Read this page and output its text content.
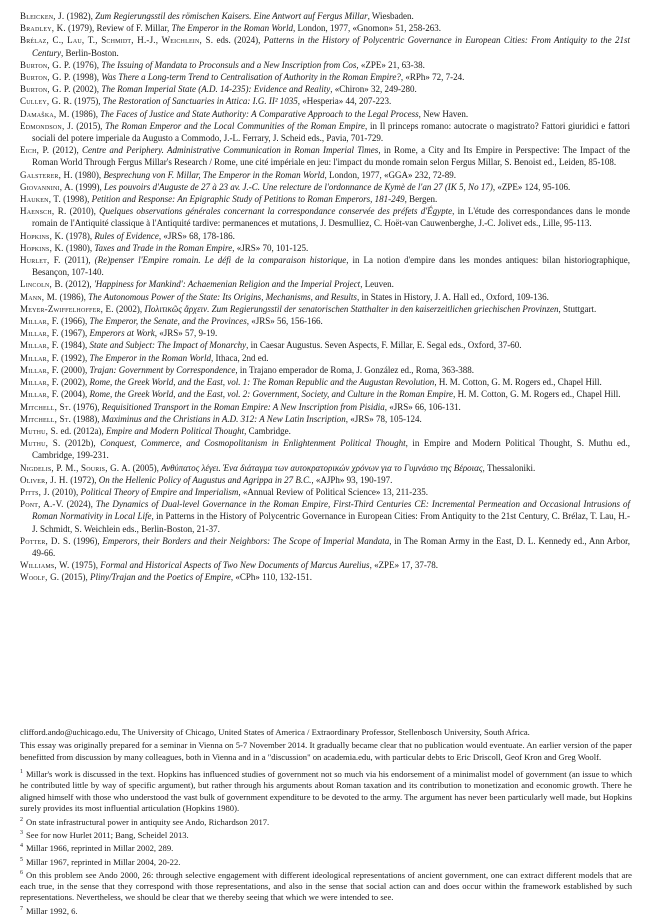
Bleicken, J. (1982), Zum Regierungsstil des römischen Kaisers. Eine Antwort auf Fergus Millar, Wiesbaden.
Bradley, K. (1979), Review of F. Millar, The Emperor in the Roman World, London, 1977, «Gnomon» 51, 258-263.
Brélaz, C., Lau, T., Schmidt, H.-J., Weichlein, S. eds. (2024), Patterns in the History of Polycentric Governance in European Cities: From Antiquity to the 21st Century, Berlin-Boston.
Burton, G. P. (1976), The Issuing of Mandata to Proconsuls and a New Inscription from Cos, «ZPE» 21, 63-38.
Burton, G. P. (1998), Was There a Long-term Trend to Centralisation of Authority in the Roman Empire?, «RPh» 72, 7-24.
Burton, G. P. (2002), The Roman Imperial State (A.D. 14-235): Evidence and Reality, «Chiron» 32, 249-280.
Culley, G. R. (1975), The Restoration of Sanctuaries in Attica: I.G. II² 1035, «Hesperia» 44, 207-223.
Damaška, M. (1986), The Faces of Justice and State Authority: A Comparative Approach to the Legal Process, New Haven.
Edmondson, J. (2015), The Roman Emperor and the Local Communities of the Roman Empire, in Il princeps romano: autocrate o magistrato? Fattori giuridici e fattori sociali del potere imperiale da Augusto a Commodo, J.-L. Ferrary, J. Scheid eds., Pavia, 701-729.
Eich, P. (2012), Centre and Periphery. Administrative Communication in Roman Imperial Times, in Rome, a City and Its Empire in Perspective: The Impact of the Roman World Through Fergus Millar's Research / Rome, une cité impériale en jeu: l'impact du monde romain selon Fergus Millar, S. Benoist ed., Leiden, 85-108.
Galsterer, H. (1980), Besprechung von F. Millar, The Emperor in the Roman World, London, 1977, «GGA» 232, 72-89.
Giovannini, A. (1999), Les pouvoirs d'Auguste de 27 à 23 av. J.-C. Une relecture de l'ordonnance de Kymè de l'an 27 (IK 5, No 17), «ZPE» 124, 95-106.
Hauken, T. (1998), Petition and Response: An Epigraphic Study of Petitions to Roman Emperors, 181-249, Bergen.
Haensch, R. (2010), Quelques observations générales concernant la correspondance conservée des préfets d'Égypte, in L'étude des correspondances dans le monde romain de l'Antiquité classique à l'Antiquité tardive: permanences et mutations, J. Desmulliez, C. Hoët-van Cauwenberghe, J.-C. Jolivet eds., Lille, 95-113.
Hopkins, K. (1978), Rules of Evidence, «JRS» 68, 178-186.
Hopkins, K. (1980), Taxes and Trade in the Roman Empire, «JRS» 70, 101-125.
Hurlet, F. (2011), (Re)penser l'Empire romain. Le défi de la comparaison historique, in La notion d'empire dans les mondes antiques: bilan historiographique, Besançon, 107-140.
Lincoln, B. (2012), 'Happiness for Mankind': Achaemenian Religion and the Imperial Project, Leuven.
Mann, M. (1986), The Autonomous Power of the State: Its Origins, Mechanisms, and Results, in States in History, J. A. Hall ed., Oxford, 109-136.
Meyer-Zwiffelhoffer, E. (2002), Πολιτικῶς ἄρχειν. Zum Regierungsstil der senatorischen Statthalter in den kaiserzeitlichen griechischen Provinzen, Stuttgart.
Millar, F. (1966), The Emperor, the Senate, and the Provinces, «JRS» 56, 156-166.
Millar, F. (1967), Emperors at Work, «JRS» 57, 9-19.
Millar, F. (1984), State and Subject: The Impact of Monarchy, in Caesar Augustus. Seven Aspects, F. Millar, E. Segal eds., Oxford, 37-60.
Millar, F. (1992), The Emperor in the Roman World, Ithaca, 2nd ed.
Millar, F. (2000), Trajan: Government by Correspondence, in Trajano emperador de Roma, J. González ed., Roma, 363-388.
Millar, F. (2002), Rome, the Greek World, and the East, vol. 1: The Roman Republic and the Augustan Revolution, H. M. Cotton, G. M. Rogers ed., Chapel Hill.
Millar, F. (2004), Rome, the Greek World, and the East, vol. 2: Government, Society, and Culture in the Roman Empire, H. M. Cotton, G. M. Rogers ed., Chapel Hill.
Mitchell, St. (1976), Requisitioned Transport in the Roman Empire: A New Inscription from Pisidia, «JRS» 66, 106-131.
Mitchell, St. (1988), Maximinus and the Christians in A.D. 312: A New Latin Inscription, «JRS» 78, 105-124.
Muthu, S. ed. (2012a), Empire and Modern Political Thought, Cambridge.
Muthu, S. (2012b), Conquest, Commerce, and Cosmopolitanism in Enlightenment Political Thought, in Empire and Modern Political Thought, S. Muthu ed., Cambridge, 199-231.
Nigdelis, P. M., Souris, G. A. (2005), Ανθύπατος λέγει. Ένα διάταγμα των αυτοκρατορικών χρόνων για το Γυμνάσιο της Βέροιας, Thessaloniki.
Oliver, J. H. (1972), On the Hellenic Policy of Augustus and Agrippa in 27 B.C., «AJPh» 93, 190-197.
Pitts, J. (2010), Political Theory of Empire and Imperialism, «Annual Review of Political Science» 13, 211-235.
Pont, A.-V. (2024), The Dynamics of Dual-level Governance in the Roman Empire, First-Third Centuries CE: Incremental Permeation and Occasional Intrusions of Roman Normativity in Local Life, in Patterns in the History of Polycentric Governance in European Cities: From Antiquity to the 21st Century, C. Brélaz, T. Lau, H.-J. Schmidt, S. Weichlein eds., Berlin-Boston, 21-37.
Potter, D. S. (1996), Emperors, their Borders and their Neighbors: The Scope of Imperial Mandata, in The Roman Army in the East, D. L. Kennedy ed., Ann Arbor, 49-66.
Williams, W. (1975), Formal and Historical Aspects of Two New Documents of Marcus Aurelius, «ZPE» 17, 37-78.
Woolf, G. (2015), Pliny/Trajan and the Poetics of Empire, «CPh» 110, 132-151.

clifford.ando@uchicago.edu, The University of Chicago, United States of America / Extraordinary Professor, Stellenbosch University, South Africa.

This essay was originally prepared for a seminar in Vienna on 5-7 November 2014. It gradually became clear that no publication would eventuate. An earlier version of the paper benefitted from discussion by many colleagues, both in Vienna and in a "discussion" on academia.edu, with particular debts to Eric Driscoll, Geof Kron and Greg Woolf.

$^1$ Millar's work is discussed in the text. Hopkins has influenced studies of government not so much via his endorsement of a minimalist model of government (an issue to which he contributed little by way of specific argument), but rather through his arguments about Roman taxation and its contribution to monetization and economic growth. There he aligned himself with those who understood the vast bulk of government expenditure to be devoted to the army. The argument has never been particularly well made, but Hopkins surely provides its most influential articulation (Hopkins 1980).

$^2$ On state infrastructural power in antiquity see Ando, Richardson 2017.

$^3$ See for now Hurlet 2011; Bang, Scheidel 2013.

$^4$ Millar 1966, reprinted in Millar 2002, 289.

$^5$ Millar 1967, reprinted in Millar 2004, 20-22.

$^6$ On this problem see Ando 2000, 26: through selective engagement with different ideological representations of ancient government, one can extract different models that are each true, in the sense that they correspond with those representations, and also in the sense that social action can and does occur within the framework established by such representations. Nevertheless, we should be clear that we thereby seeing that which we were intended to see.

$^7$ Millar 1992, 6.
